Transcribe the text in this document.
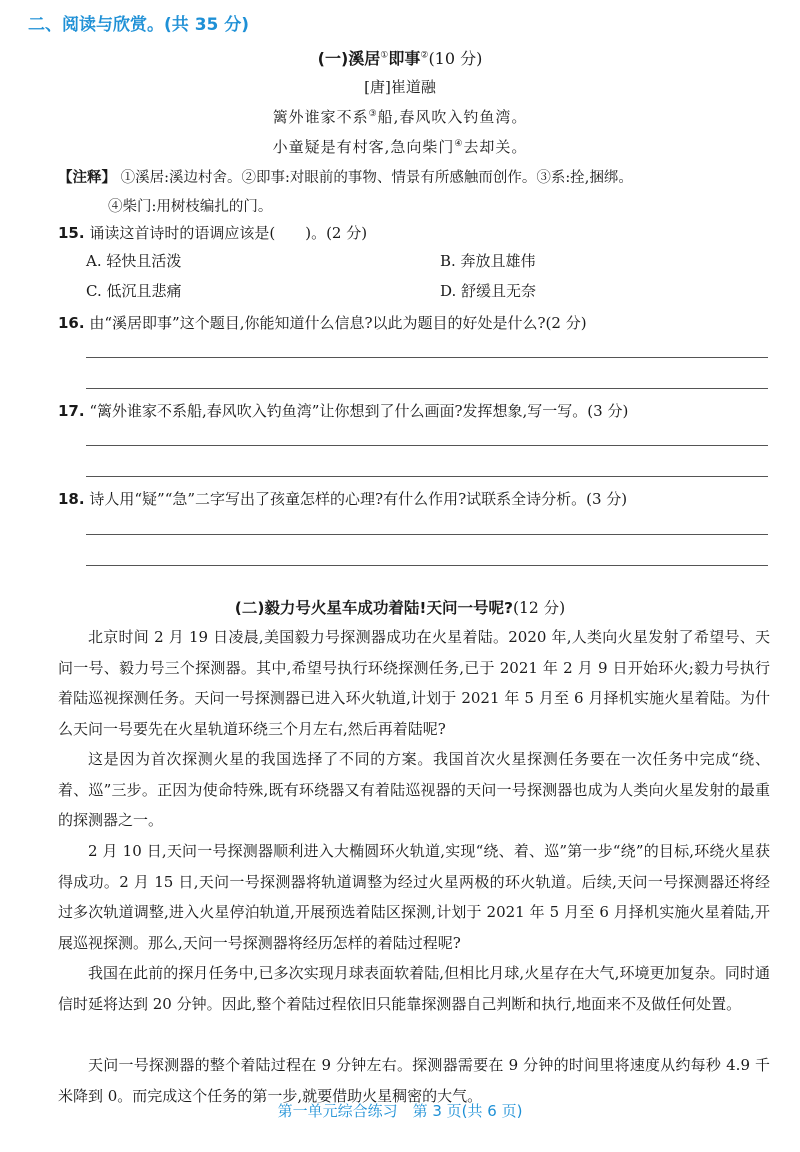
二、阅读与欣赏。(共 35 分)
(一)溪居①即事②(10 分)
[唐]崔道融
篱外谁家不系③船,春风吹入钓鱼湾。
小童疑是有村客,急向柴门④去却关。
【注释】 ①溪居:溪边村舍。②即事:对眼前的事物、情景有所感触而创作。③系:拴,捆绑。
④柴门:用树枝编扎的门。
15. 诵读这首诗时的语调应该是(　　)。(2 分)
A. 轻快且活泼	B. 奔放且雄伟
C. 低沉且悲痛	D. 舒缓且无奈
16. 由“溪居即事”这个题目,你能知道什么信息?以此为题目的好处是什么?(2 分)
17. “篱外谁家不系船,春风吹入钓鱼湾”让你想到了什么画面?发挥想象,写一写。(3 分)
18. 诗人用“疑”“急”二字写出了孩童怎样的心理?有什么作用?试联系全诗分析。(3 分)
(二)毅力号火星车成功着陆!天问一号呢?(12 分)

北京时间 2 月 19 日凌晨,美国毅力号探测器成功在火星着陆。2020 年,人类向火星发射了希望号、天问一号、毅力号三个探测器。其中,希望号执行环绕探测任务,已于 2021 年 2 月 9 日开始环火;毅力号执行着陆巡视探测任务。天问一号探测器已进入环火轨道,计划于 2021 年 5 月至 6 月择机实施火星着陆。为什么天问一号要先在火星轨道环绕三个月左右,然后再着陆呢?

这是因为首次探测火星的我国选择了不同的方案。我国首次火星探测任务要在一次任务中完成“绕、着、巡”三步。正因为使命特殊,既有环绕器又有着陆巡视器的天问一号探测器也成为人类向火星发射的最重的探测器之一。

2 月 10 日,天问一号探测器顺利进入大椭圆环火轨道,实现“绕、着、巡”第一步“绕”的目标,环绕火星获得成功。2 月 15 日,天问一号探测器将轨道调整为经过火星两极的环火轨道。后续,天问一号探测器还将经过多次轨道调整,进入火星停泊轨道,开展预选着陆区探测,计划于 2021 年 5 月至 6 月择机实施火星着陆,开展巡视探测。那么,天问一号探测器将经历怎样的着陆过程呢?

我国在此前的探月任务中,已多次实现月球表面软着陆,但相比月球,火星存在大气,环境更加复杂。同时通信时延将达到 20 分钟。因此,整个着陆过程依旧只能靠探测器自己判断和执行,地面来不及做任何处置。

天问一号探测器的整个着陆过程在 9 分钟左右。探测器需要在 9 分钟的时间里将速度从约每秒 4.9 千米降到 0。而完成这个任务的第一步,就要借助火星稠密的大气。

第一单元综合练习　第 3 页(共 6 页)
